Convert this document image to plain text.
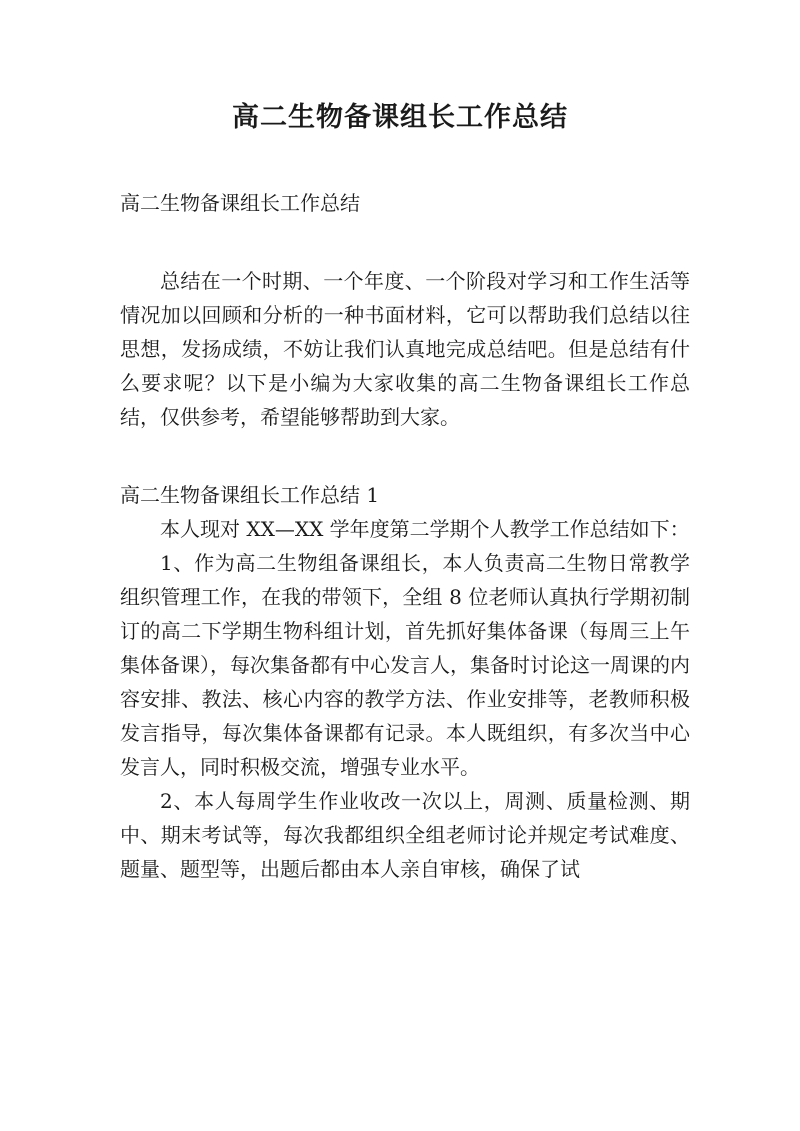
高二生物备课组长工作总结

高二生物备课组长工作总结

总结在一个时期、一个年度、一个阶段对学习和工作生活等情况加以回顾和分析的一种书面材料，它可以帮助我们总结以往思想，发扬成绩，不妨让我们认真地完成总结吧。但是总结有什么要求呢？以下是小编为大家收集的高二生物备课组长工作总结，仅供参考，希望能够帮助到大家。

高二生物备课组长工作总结 1

本人现对 XX—XX 学年度第二学期个人教学工作总结如下：

1、作为高二生物组备课组长，本人负责高二生物日常教学组织管理工作，在我的带领下，全组 8 位老师认真执行学期初制订的高二下学期生物科组计划，首先抓好集体备课（每周三上午集体备课），每次集备都有中心发言人，集备时讨论这一周课的内容安排、教法、核心内容的教学方法、作业安排等，老教师积极发言指导，每次集体备课都有记录。本人既组织，有多次当中心发言人，同时积极交流，增强专业水平。

2、本人每周学生作业收改一次以上，周测、质量检测、期中、期末考试等，每次我都组织全组老师讨论并规定考试难度、题量、题型等，出题后都由本人亲自审核，确保了试
